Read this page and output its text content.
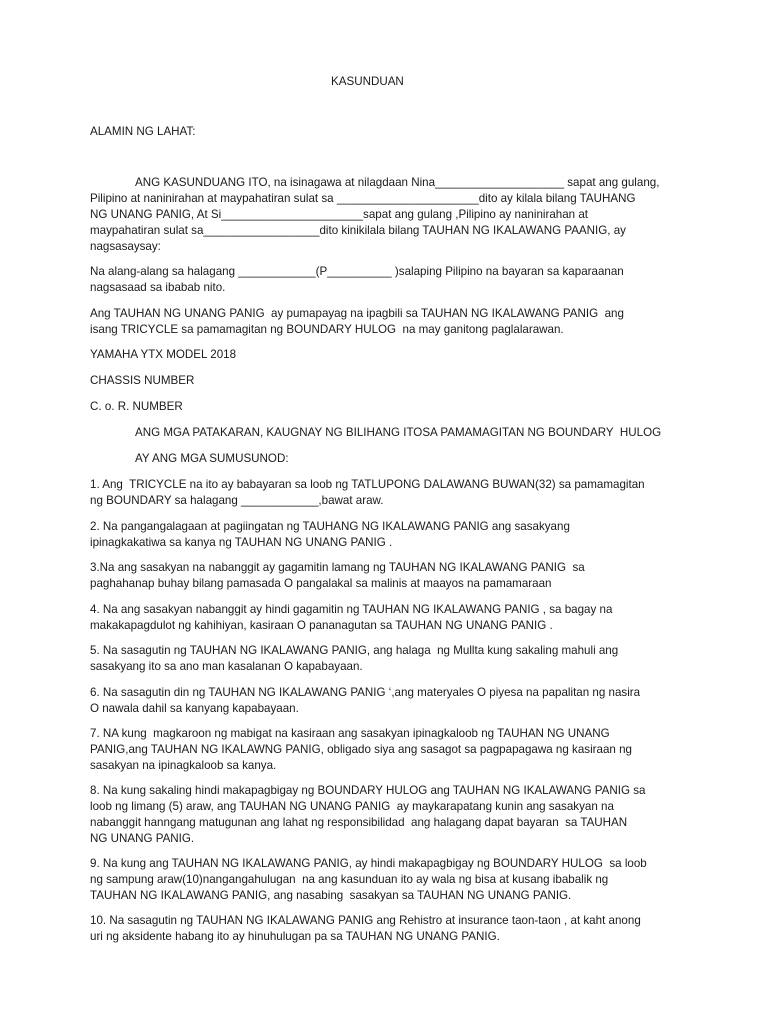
KASUNDUAN

ALAMIN NG LAHAT:

ANG KASUNDUANG ITO, na isinagawa at nilagdaan Nina____________________ sapat ang gulang,

Pilipino at naninirahan at maypahatiran sulat sa ______________________dito ay kilala bilang TAUHANG

NG UNANG PANIG, At Si______________________sapat ang gulang ,Pilipino ay naninirahan at

maypahatiran sulat sa__________________dito kinikilala bilang TAUHAN NG IKALAWANG PAANIG, ay

nagsasaysay:

Na alang-alang sa halagang ____________(P__________ )salaping Pilipino na bayaran sa kaparaanan

nagsasaad sa ibabab nito.

Ang TAUHAN NG UNANG PANIG  ay pumapayag na ipagbili sa TAUHAN NG IKALAWANG PANIG  ang

isang TRICYCLE sa pamamagitan ng BOUNDARY HULOG  na may ganitong paglalarawan.

YAMAHA YTX MODEL 2018

CHASSIS NUMBER

C. o. R. NUMBER

ANG MGA PATAKARAN, KAUGNAY NG BILIHANG ITOSA PAMAMAGITAN NG BOUNDARY  HULOG

AY ANG MGA SUMUSUNOD:

1. Ang  TRICYCLE na ito ay babayaran sa loob ng TATLUPONG DALAWANG BUWAN(32) sa pamamagitan

ng BOUNDARY sa halagang ____________,bawat araw.

2. Na pangangalagaan at pagiingatan ng TAUHANG NG IKALAWANG PANIG ang sasakyang

ipinagkakatiwa sa kanya ng TAUHAN NG UNANG PANIG .

3.Na ang sasakyan na nabanggit ay gagamitin lamang ng TAUHAN NG IKALAWANG PANIG  sa

paghahanap buhay bilang pamasada O pangalakal sa malinis at maayos na pamamaraan

4. Na ang sasakyan nabanggit ay hindi gagamitin ng TAUHAN NG IKALAWANG PANIG , sa bagay na

makakapagdulot ng kahihiyan, kasiraan O pananagutan sa TAUHAN NG UNANG PANIG .

5. Na sasagutin ng TAUHAN NG IKALAWANG PANIG, ang halaga  ng Mullta kung sakaling mahuli ang

sasakyang ito sa ano man kasalanan O kapabayaan.

6. Na sasagutin din ng TAUHAN NG IKALAWANG PANIG ‘,ang materyales O piyesa na papalitan ng nasira

O nawala dahil sa kanyang kapabayaan.

7. NA kung  magkaroon ng mabigat na kasiraan ang sasakyan ipinagkaloob ng TAUHAN NG UNANG

PANIG,ang TAUHAN NG IKALAWNG PANIG, obligado siya ang sasagot sa pagpapagawa ng kasiraan ng

sasakyan na ipinagkaloob sa kanya.

8. Na kung sakaling hindi makapagbigay ng BOUNDARY HULOG ang TAUHAN NG IKALAWANG PANIG sa

loob ng limang (5) araw, ang TAUHAN NG UNANG PANIG  ay maykarapatang kunin ang sasakyan na

nabanggit hanngang matugunan ang lahat ng responsibilidad  ang halagang dapat bayaran  sa TAUHAN

NG UNANG PANIG.

9. Na kung ang TAUHAN NG IKALAWANG PANIG, ay hindi makapagbigay ng BOUNDARY HULOG  sa loob

ng sampung araw(10)nangangahulugan  na ang kasunduan ito ay wala ng bisa at kusang ibabalik ng

TAUHAN NG IKALAWANG PANIG, ang nasabing  sasakyan sa TAUHAN NG UNANG PANIG.

10. Na sasagutin ng TAUHAN NG IKALAWANG PANIG ang Rehistro at insurance taon-taon , at kaht anong

uri ng aksidente habang ito ay hinuhulugan pa sa TAUHAN NG UNANG PANIG.
